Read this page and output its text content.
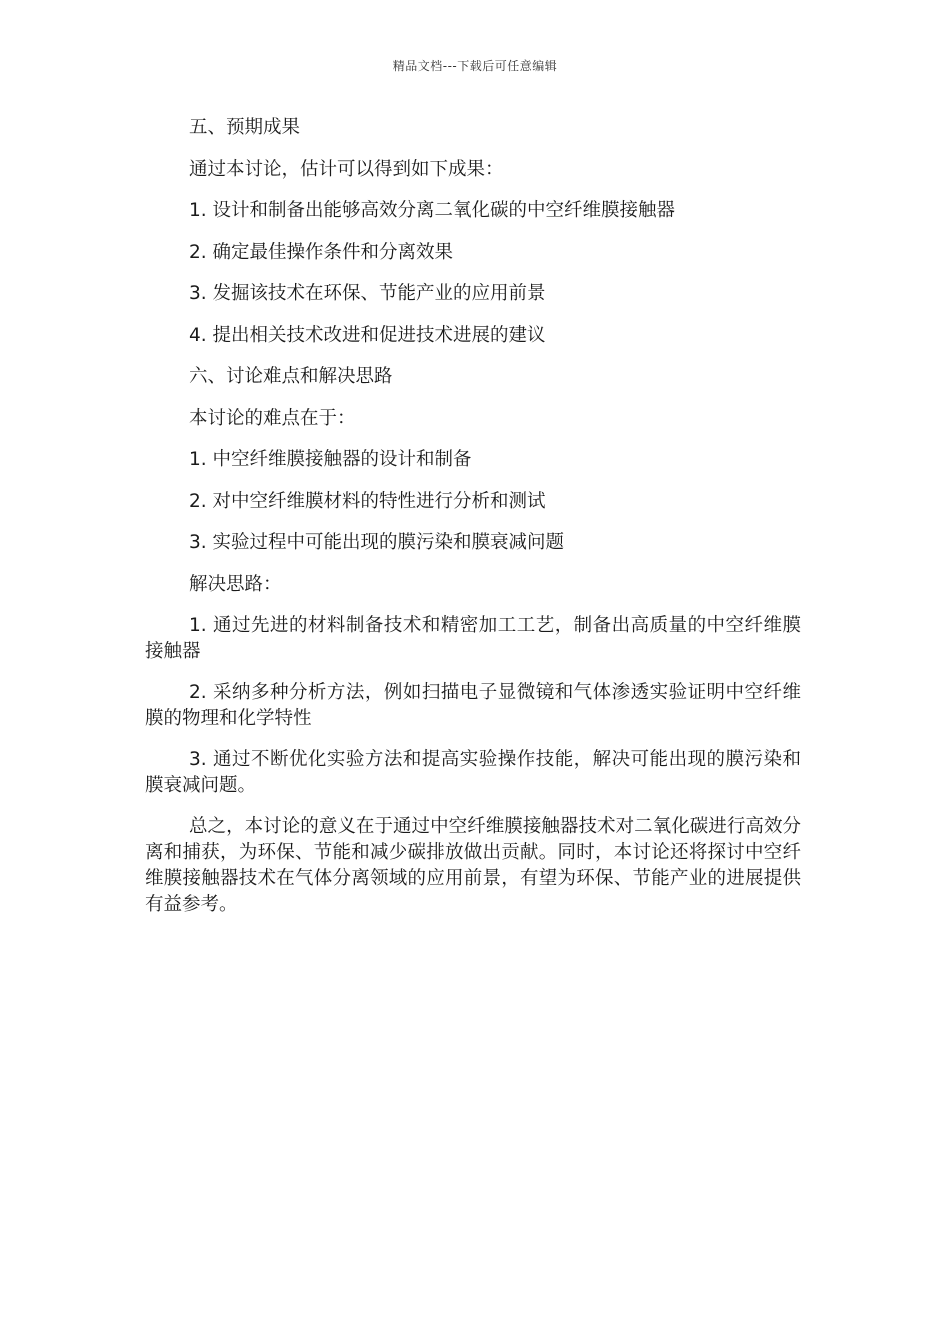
精品文档---下载后可任意编辑

五、预期成果

通过本讨论，估计可以得到如下成果：

1. 设计和制备出能够高效分离二氧化碳的中空纤维膜接触器

2. 确定最佳操作条件和分离效果

3. 发掘该技术在环保、节能产业的应用前景

4. 提出相关技术改进和促进技术进展的建议

六、讨论难点和解决思路

本讨论的难点在于：

1. 中空纤维膜接触器的设计和制备

2. 对中空纤维膜材料的特性进行分析和测试

3. 实验过程中可能出现的膜污染和膜衰减问题

解决思路：

1. 通过先进的材料制备技术和精密加工工艺，制备出高质量的中空纤维膜接触器

2. 采纳多种分析方法，例如扫描电子显微镜和气体渗透实验证明中空纤维膜的物理和化学特性

3. 通过不断优化实验方法和提高实验操作技能，解决可能出现的膜污染和膜衰减问题。

总之，本讨论的意义在于通过中空纤维膜接触器技术对二氧化碳进行高效分离和捕获，为环保、节能和减少碳排放做出贡献。同时，本讨论还将探讨中空纤维膜接触器技术在气体分离领域的应用前景，有望为环保、节能产业的进展提供有益参考。
